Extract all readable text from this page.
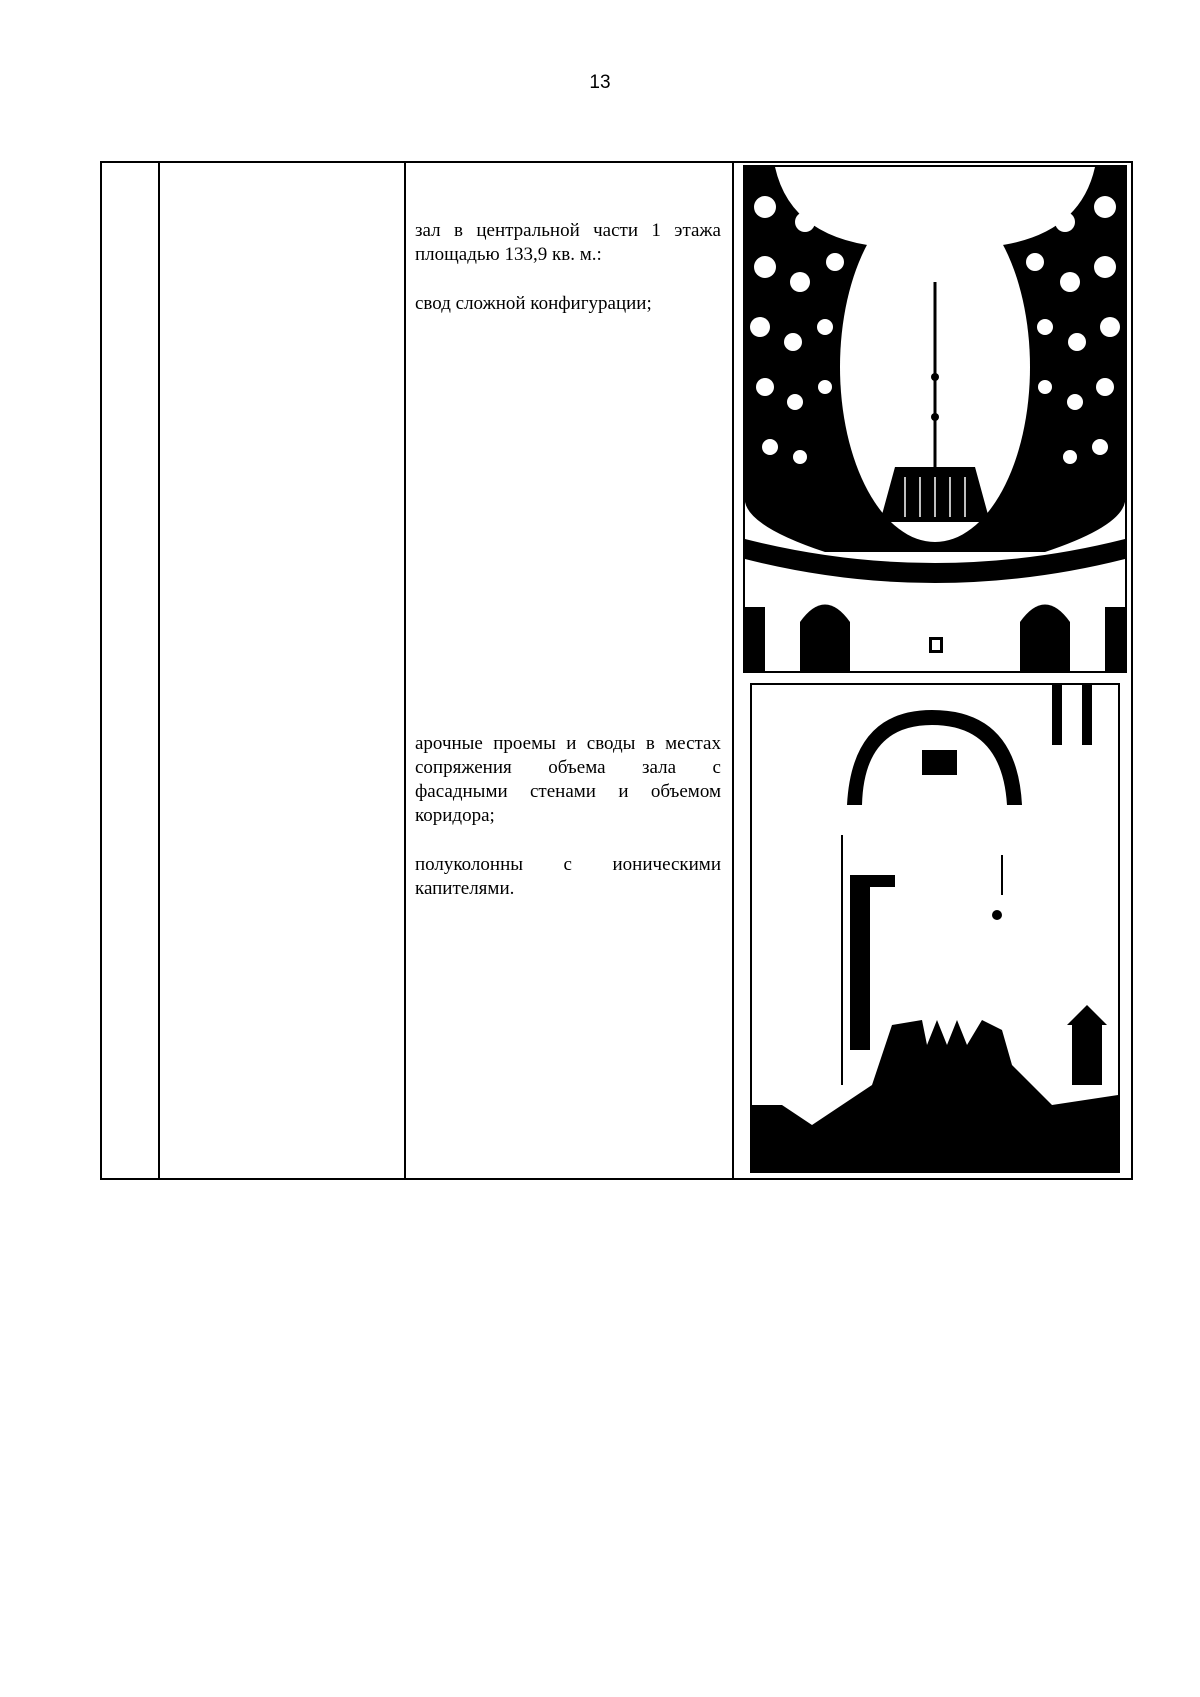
13

зал в центральной части 1 этажа площадью 133,9 кв. м.:

свод сложной конфигурации;

арочные проемы и своды в местах сопряжения объема зала с фасадными стенами и объемом коридора;

полуколонны с ионическими капителями.
